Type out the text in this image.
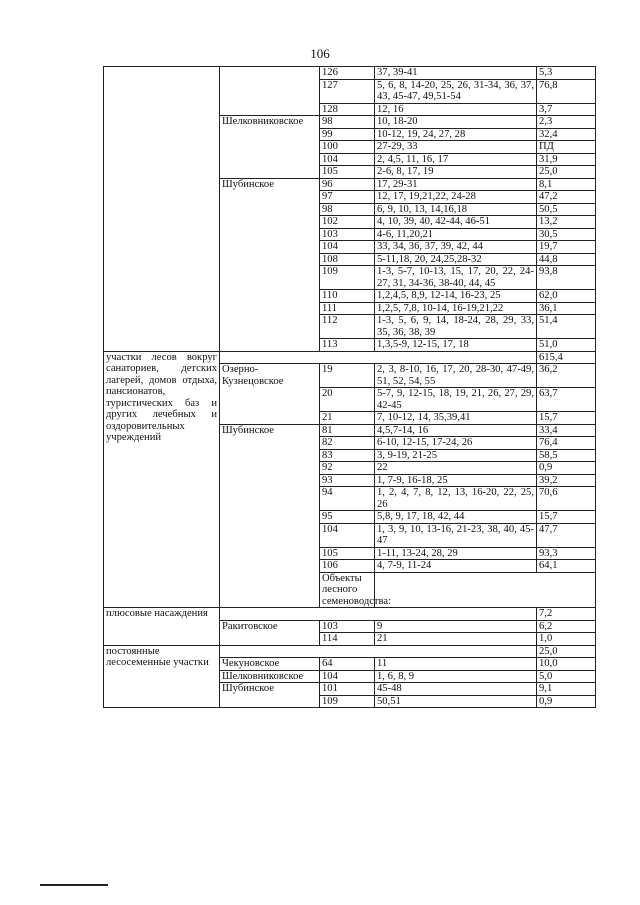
106
		126	37, 39-41	5,3	
		127	5, 6, 8, 14-20, 25, 26, 31-34, 36, 37, 43, 45-47, 49,51-54	76,8	
		128	12, 16	3,7	
	Шелковниковское	98	10, 18-20	2,3	
		99	10-12, 19, 24, 27, 28	32,4	
		100	27-29, 33	ПД	
		104	2, 4,5, 11, 16, 17	31,9	
		105	2-6, 8, 17, 19	25,0	
	Шубинское	96	17, 29-31	8,1	
		97	12, 17, 19,21,22, 24-28	47,2	
		98	6, 9, 10, 13, 14,16,18	50,5	
		102	4, 10, 39, 40, 42-44, 46-51	13,2	
		103	4-6, 11,20,21	30,5	
		104	33, 34, 36, 37, 39, 42, 44	19,7	
		108	5-11,18, 20, 24,25,28-32	44,8	
		109	1-3, 5-7, 10-13, 15, 17, 20, 22, 24-27, 31, 34-36, 38-40, 44, 45	93,8	
		110	1,2,4,5, 8,9, 12-14, 16-23, 25	62,0	
		111	1,2,5, 7,8, 10-14, 16-19,21,22	36,1	
		112	1-3, 5, 6, 9, 14, 18-24, 28, 29, 33, 35, 36, 38, 39	51,4	
		113	1,3,5-9, 12-15, 17, 18	51,0	
участки лесов вокруг санаториев, детских лагерей, домов отдыха, пансионатов, туристических баз и других лечебных и оздоровительных учреждений				615,4	
	Озерно-Кузнецовское	19	2, 3, 8-10, 16, 17, 20, 28-30, 47-49, 51, 52, 54, 55	36,2	
		20	5-7, 9, 12-15, 18, 19, 21, 26, 27, 29, 42-45	63,7	
		21	7, 10-12, 14, 35,39,41	15,7	
	Шубинское	81	4,5,7-14, 16	33,4	
		82	6-10, 12-15, 17-24, 26	76,4	
		83	3, 9-19, 21-25	58,5	
		92	22	0,9	
		93	1, 7-9, 16-18, 25	39,2	
		94	1, 2, 4, 7, 8, 12, 13, 16-20, 22, 25, 26	70,6	
		95	5,8, 9, 17, 18, 42, 44	15,7	
		104	1, 3, 9, 10, 13-16, 21-23, 38, 40, 45-47	47,7	
		105	1-11, 13-24, 28, 29	93,3	
		106	4, 7-9, 11-24	64,1	
		Объекты лесного семеноводства:		
плюсовые насаждения				7,2	
	Ракитовское	103	9	6,2	
		114	21	1,0	
постоянные лесосеменные участки				25,0	
	Чекуновское	64	11	10,0	
	Шелковниковское	104	1, 6, 8, 9	5,0	
	Шубинское	101	45-48	9,1	
		109	50,51	0,9	
